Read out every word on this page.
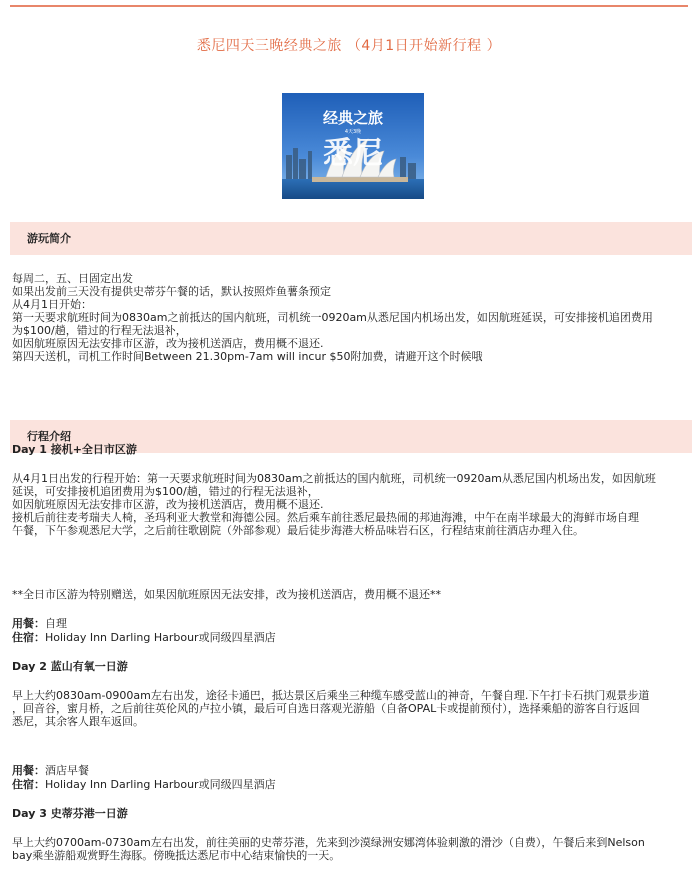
悉尼四天三晚经典之旅 （4月1日开始新行程 ）
经典之旅
4天3晚
悉尼
游玩简介
每周二，五、日固定出发
如果出发前三天没有提供史蒂芬午餐的话，默认按照炸鱼薯条预定
从4月1日开始：
第一天要求航班时间为0830am之前抵达的国内航班，司机统一0920am从悉尼国内机场出发，如因航班延误，可安排接机追团费用
为$100/趟，错过的行程无法退补，
如因航班原因无法安排市区游，改为接机送酒店，费用概不退还.
第四天送机，司机工作时间Between 21.30pm-7am will incur $50附加费，请避开这个时候哦
行程介绍
Day 1 接机+全日市区游
从4月1日出发的行程开始：第一天要求航班时间为0830am之前抵达的国内航班，司机统一0920am从悉尼国内机场出发，如因航班
延误，可安排接机追团费用为$100/趟，错过的行程无法退补，
如因航班原因无法安排市区游，改为接机送酒店，费用概不退还.
接机后前往麦考瑞夫人椅，圣玛利亚大教堂和海德公园。然后乘车前往悉尼最热闹的邦迪海滩，中午在南半球最大的海鲜市场自理
午餐，下午参观悉尼大学，之后前往歌剧院（外部参观）最后徒步海港大桥品味岩石区，行程结束前往酒店办理入住。
**全日市区游为特别赠送，如果因航班原因无法安排，改为接机送酒店，费用概不退还**
用餐：自理
住宿：Holiday Inn Darling Harbour或同级四星酒店
Day 2 蓝山有氧一日游
早上大约0830am-0900am左右出发，途径卡通巴，抵达景区后乘坐三种缆车感受蓝山的神奇，午餐自理.下午打卡石拱门观景步道
，回音谷，蜜月桥，之后前往英伦风的卢拉小镇，最后可自选日落观光游船（自备OPAL卡或提前预付），选择乘船的游客自行返回
悉尼，其余客人跟车返回。
用餐：酒店早餐
住宿：Holiday Inn Darling Harbour或同级四星酒店
Day 3 史蒂芬港一日游
早上大约0700am-0730am左右出发，前往美丽的史蒂芬港，先来到沙漠绿洲安娜湾体验刺激的滑沙（自费），午餐后来到Nelson
bay乘坐游船观赏野生海豚。傍晚抵达悉尼市中心结束愉快的一天。
